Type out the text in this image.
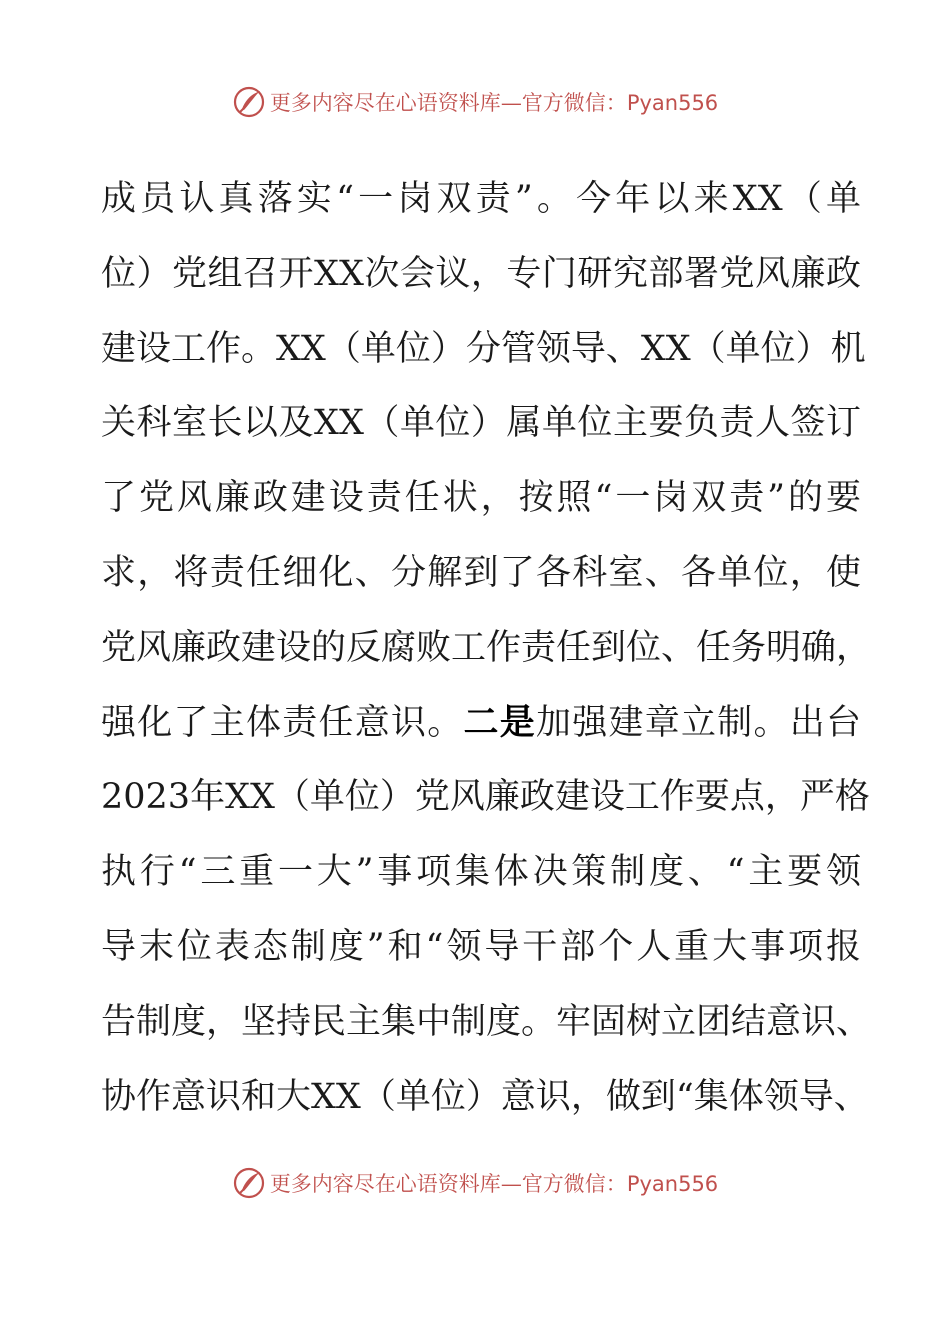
更多内容尽在心语资料库—官方微信：Pyan556
成员认真落实“一岗双责”。今年以来XX（单
位）党组召开XX次会议，专门研究部署党风廉政
建设工作。XX（单位）分管领导、XX（单位）机
关科室长以及XX（单位）属单位主要负责人签订
了党风廉政建设责任状，按照“一岗双责”的要
求，将责任细化、分解到了各科室、各单位，使
党风廉政建设的反腐败工作责任到位、任务明确，
强化了主体责任意识。二是加强建章立制。出台
2023年XX（单位）党风廉政建设工作要点，严格
执行“三重一大”事项集体决策制度、“主要领
导末位表态制度”和“领导干部个人重大事项报
告制度，坚持民主集中制度。牢固树立团结意识、
协作意识和大XX（单位）意识，做到“集体领导、
更多内容尽在心语资料库—官方微信：Pyan556
